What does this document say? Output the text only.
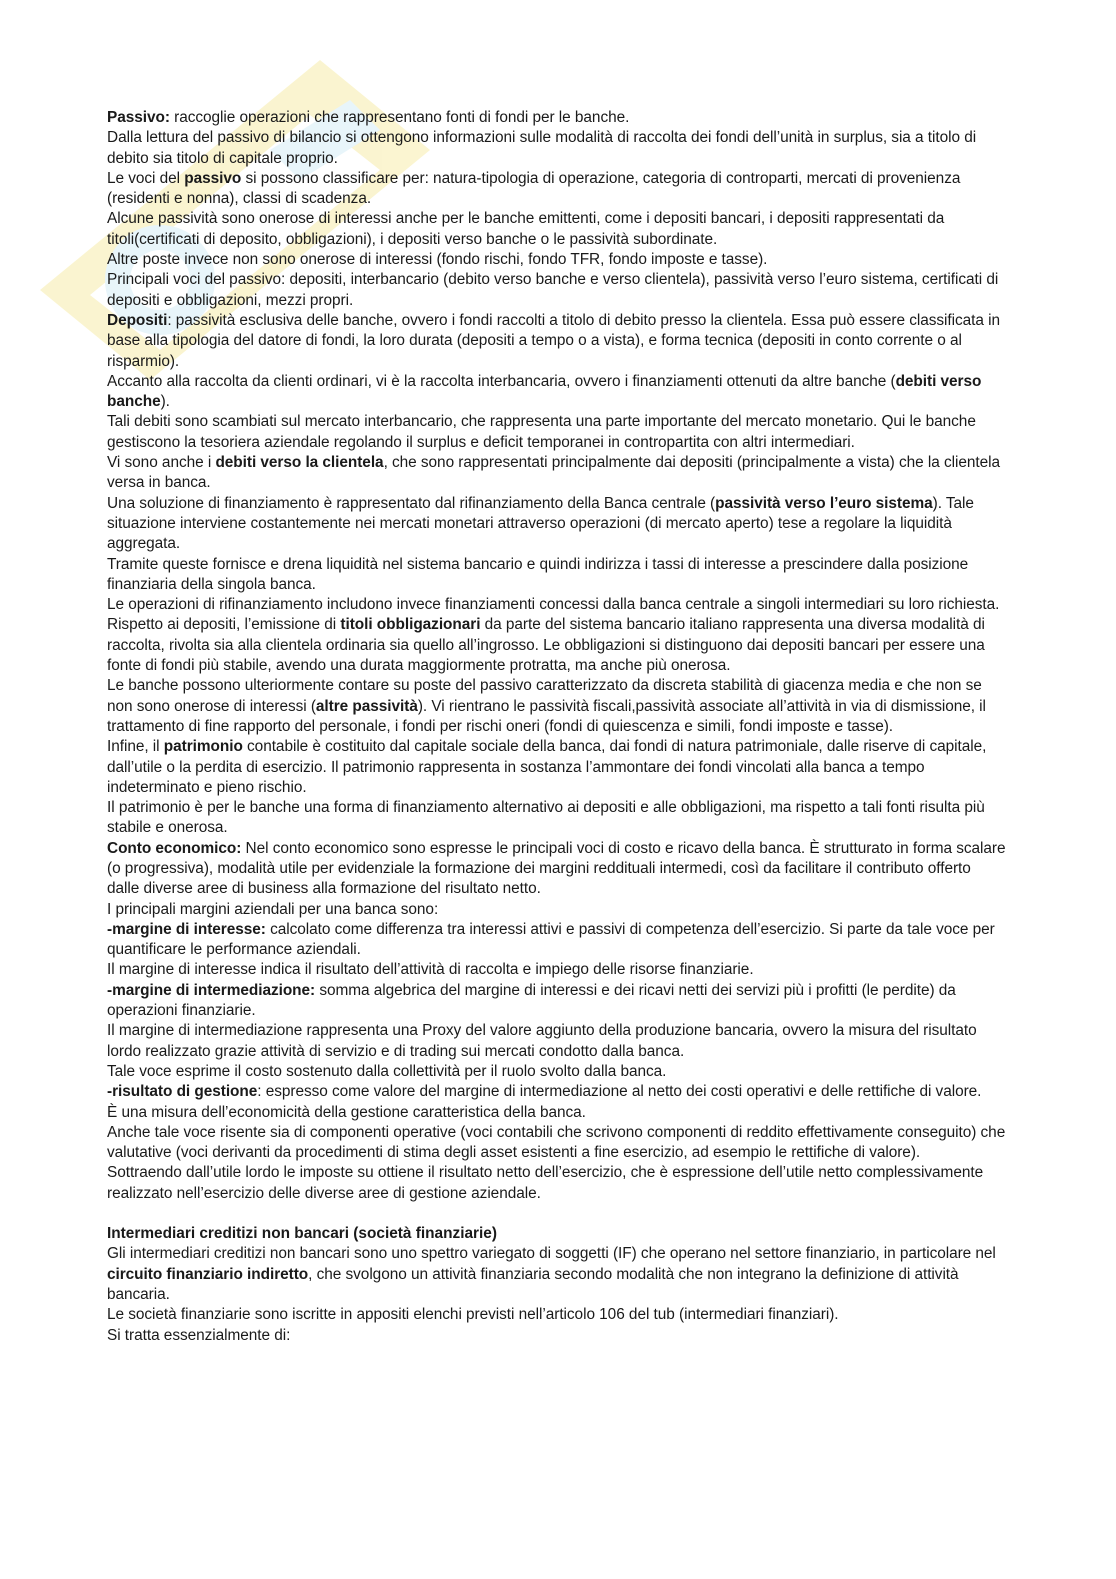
Passivo: raccoglie operazioni che rappresentano fonti di fondi per le banche.

Dalla lettura del passivo di bilancio si ottengono informazioni sulle modalità di raccolta dei fondi dell’unità in surplus, sia a titolo di debito sia titolo di capitale proprio.

Le voci del passivo si possono classificare per: natura-tipologia di operazione, categoria di controparti, mercati di provenienza (residenti e nonna), classi di scadenza.

Alcune passività sono onerose di interessi anche per le banche emittenti, come i depositi bancari, i depositi rappresentati da titoli(certificati di deposito, obbligazioni), i depositi verso banche o le passività subordinate.

Altre poste invece non sono onerose di interessi (fondo rischi, fondo TFR, fondo imposte e tasse).

Principali voci del passivo: depositi, interbancario (debito verso banche e verso clientela), passività verso l’euro sistema, certificati di depositi e obbligazioni, mezzi propri.

Depositi: passività esclusiva delle banche, ovvero i fondi raccolti a titolo di debito presso la clientela. Essa può essere classificata in base alla tipologia del datore di fondi, la loro durata (depositi a tempo o a vista), e forma tecnica (depositi in conto corrente o al risparmio).

Accanto alla raccolta da clienti ordinari, vi è la raccolta interbancaria, ovvero i finanziamenti ottenuti da altre banche (debiti verso banche).

Tali debiti sono scambiati sul mercato interbancario, che rappresenta una parte importante del mercato monetario. Qui le banche gestiscono la tesoriera aziendale regolando il surplus e deficit temporanei in contropartita con altri intermediari.

Vi sono anche i debiti verso la clientela, che sono rappresentati principalmente dai depositi (principalmente a vista) che la clientela versa in banca.

Una soluzione di finanziamento è rappresentato dal rifinanziamento della Banca centrale (passività verso l’euro sistema). Tale situazione interviene costantemente nei mercati monetari attraverso operazioni (di mercato aperto) tese a regolare la liquidità aggregata.

Tramite queste fornisce e drena liquidità nel sistema bancario e quindi indirizza i tassi di interesse a prescindere dalla posizione finanziaria della singola banca.

Le operazioni di rifinanziamento includono invece finanziamenti concessi dalla banca centrale a singoli intermediari su loro richiesta.

Rispetto ai depositi, l’emissione di titoli obbligazionari da parte del sistema bancario italiano rappresenta una diversa modalità di raccolta, rivolta sia alla clientela ordinaria sia quello all’ingrosso. Le obbligazioni si distinguono dai depositi bancari per essere una fonte di fondi più stabile, avendo una durata maggiormente protratta, ma anche più onerosa.

Le banche possono ulteriormente contare su poste del passivo caratterizzato da discreta stabilità di giacenza media e che non se non sono onerose di interessi (altre passività). Vi rientrano le passività fiscali,passività associate all’attività in via di dismissione, il trattamento di fine rapporto del personale, i fondi per rischi oneri (fondi di quiescenza e simili, fondi imposte e tasse).

Infine, il patrimonio contabile è costituito dal capitale sociale della banca, dai fondi di natura patrimoniale, dalle riserve di capitale, dall’utile o la perdita di esercizio. Il patrimonio rappresenta in sostanza l’ammontare dei fondi vincolati alla banca a tempo indeterminato e pieno rischio.

Il patrimonio è per le banche una forma di finanziamento alternativo ai depositi e alle obbligazioni, ma rispetto a tali fonti risulta più stabile e onerosa.

Conto economico: Nel conto economico sono espresse le principali voci di costo e ricavo della banca. È strutturato in forma scalare (o progressiva), modalità utile per evidenziale la formazione dei margini reddituali intermedi, così da facilitare il contributo offerto dalle diverse aree di business alla formazione del risultato netto.

I principali margini aziendali per una banca sono:

-margine di interesse: calcolato come differenza tra interessi attivi e passivi di competenza dell’esercizio. Si parte da tale voce per quantificare le performance aziendali.

Il margine di interesse indica il risultato dell’attività di raccolta e impiego delle risorse finanziarie.

-margine di intermediazione: somma algebrica del margine di interessi e dei ricavi netti dei servizi più i profitti (le perdite) da operazioni finanziarie.

Il margine di intermediazione rappresenta una Proxy del valore aggiunto della produzione bancaria, ovvero la misura del risultato lordo realizzato grazie attività di servizio e di trading sui mercati condotto dalla banca.

Tale voce esprime il costo sostenuto dalla collettività per il ruolo svolto dalla banca.

-risultato di gestione: espresso come valore del margine di intermediazione al netto dei costi operativi e delle rettifiche di valore.

È una misura dell’economicità della gestione caratteristica della banca.

Anche tale voce risente sia di componenti operative (voci contabili che scrivono componenti di reddito effettivamente conseguito) che valutative (voci derivanti da procedimenti di stima degli asset esistenti a fine esercizio, ad esempio le rettifiche di valore).

Sottraendo dall’utile lordo le imposte su ottiene il risultato netto dell’esercizio, che è espressione dell’utile netto complessivamente realizzato nell’esercizio delle diverse aree di gestione aziendale.

Intermediari creditizi non bancari (società finanziarie)

Gli intermediari creditizi non bancari sono uno spettro variegato di soggetti (IF) che operano nel settore finanziario, in particolare nel circuito finanziario indiretto, che svolgono un attività finanziaria secondo modalità che non integrano la definizione di attività bancaria.

Le società finanziarie sono iscritte in appositi elenchi previsti nell’articolo 106 del tub (intermediari finanziari).

Si tratta essenzialmente di:
